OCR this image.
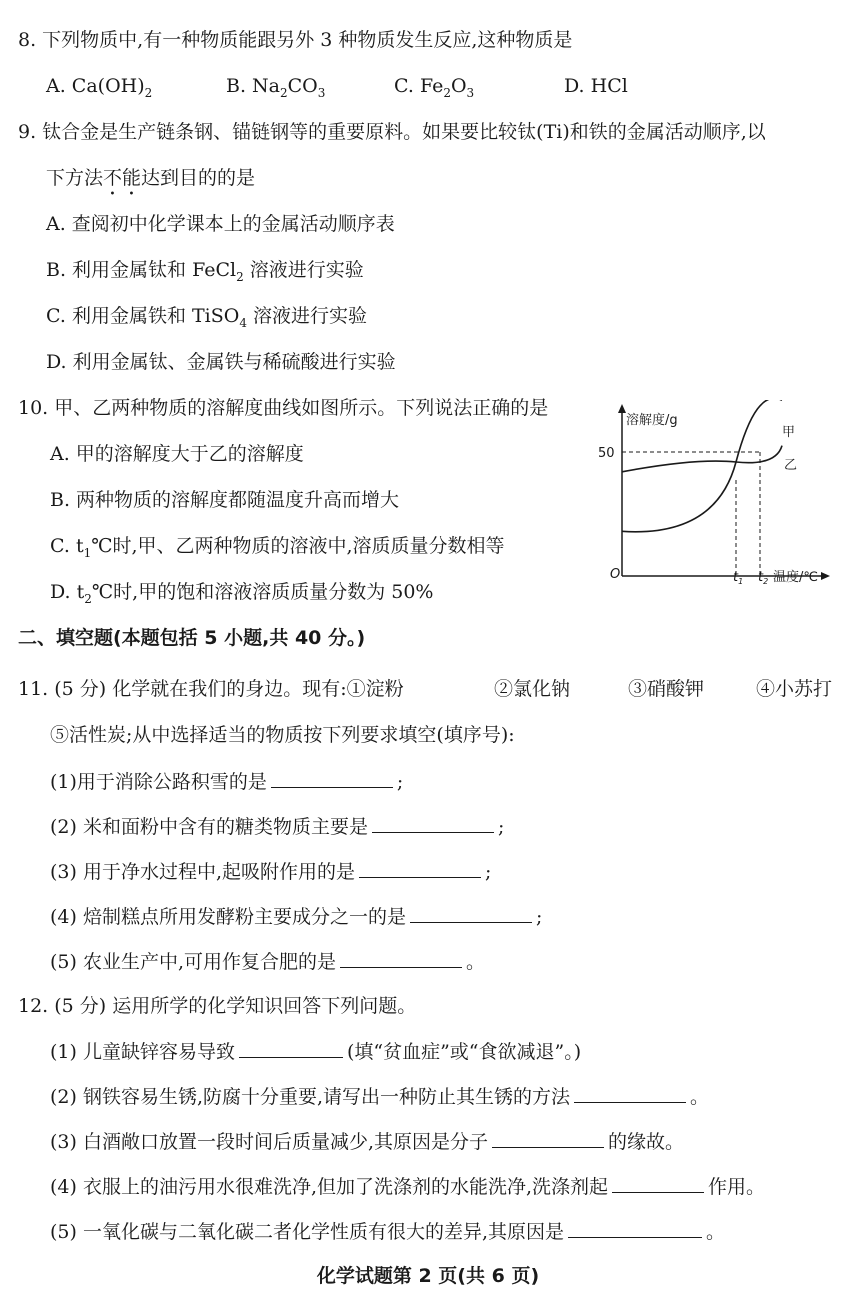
8. 下列物质中,有一种物质能跟另外 3 种物质发生反应,这种物质是
A. $Ca(OH)_2$	B. $Na_2CO_3$	C. $Fe_2O_3$	D. HCl
9. 钛合金是生产链条钢、锚链钢等的重要原料。如果要比较钛(Ti)和铁的金属活动顺序,以
下方法不能达到目的的是
A. 查阅初中化学课本上的金属活动顺序表
B. 利用金属钛和 FeCl$_2$ 溶液进行实验
C. 利用金属铁和 TiSO$_4$ 溶液进行实验
D. 利用金属钛、金属铁与稀硫酸进行实验
10. 甲、乙两种物质的溶解度曲线如图所示。下列说法正确的是
A. 甲的溶解度大于乙的溶解度
B. 两种物质的溶解度都随温度升高而增大
C. $t_1℃$时,甲、乙两种物质的溶液中,溶质质量分数相等
D. $t_2℃$时,甲的饱和溶液溶质质量分数为 50%
溶解度/g
O
50
甲
乙
$t_1$ $t_2$ 温度/℃
二、填空题(本题包括 5 小题,共 40 分。)
11. (5 分) 化学就在我们的身边。现有:①淀粉	②氯化钠	③硝酸钾	④小苏打
⑤活性炭;从中选择适当的物质按下列要求填空(填序号):
(1)用于消除公路积雪的是	;
(2) 米和面粉中含有的糖类物质主要是	;
(3) 用于净水过程中,起吸附作用的是	;
(4) 焙制糕点所用发酵粉主要成分之一的是	;
(5) 农业生产中,可用作复合肥的是	。
12. (5 分) 运用所学的化学知识回答下列问题。
(1) 儿童缺锌容易导致	(填“贫血症”或“食欲减退”。)
(2) 钢铁容易生锈,防腐十分重要,请写出一种防止其生锈的方法	。
(3) 白酒敞口放置一段时间后质量减少,其原因是分子	的缘故。
(4) 衣服上的油污用水很难洗净,但加了洗涤剂的水能洗净,洗涤剂起	作用。
(5) 一氧化碳与二氧化碳二者化学性质有很大的差异,其原因是	。
化学试题第 2 页(共 6 页)
